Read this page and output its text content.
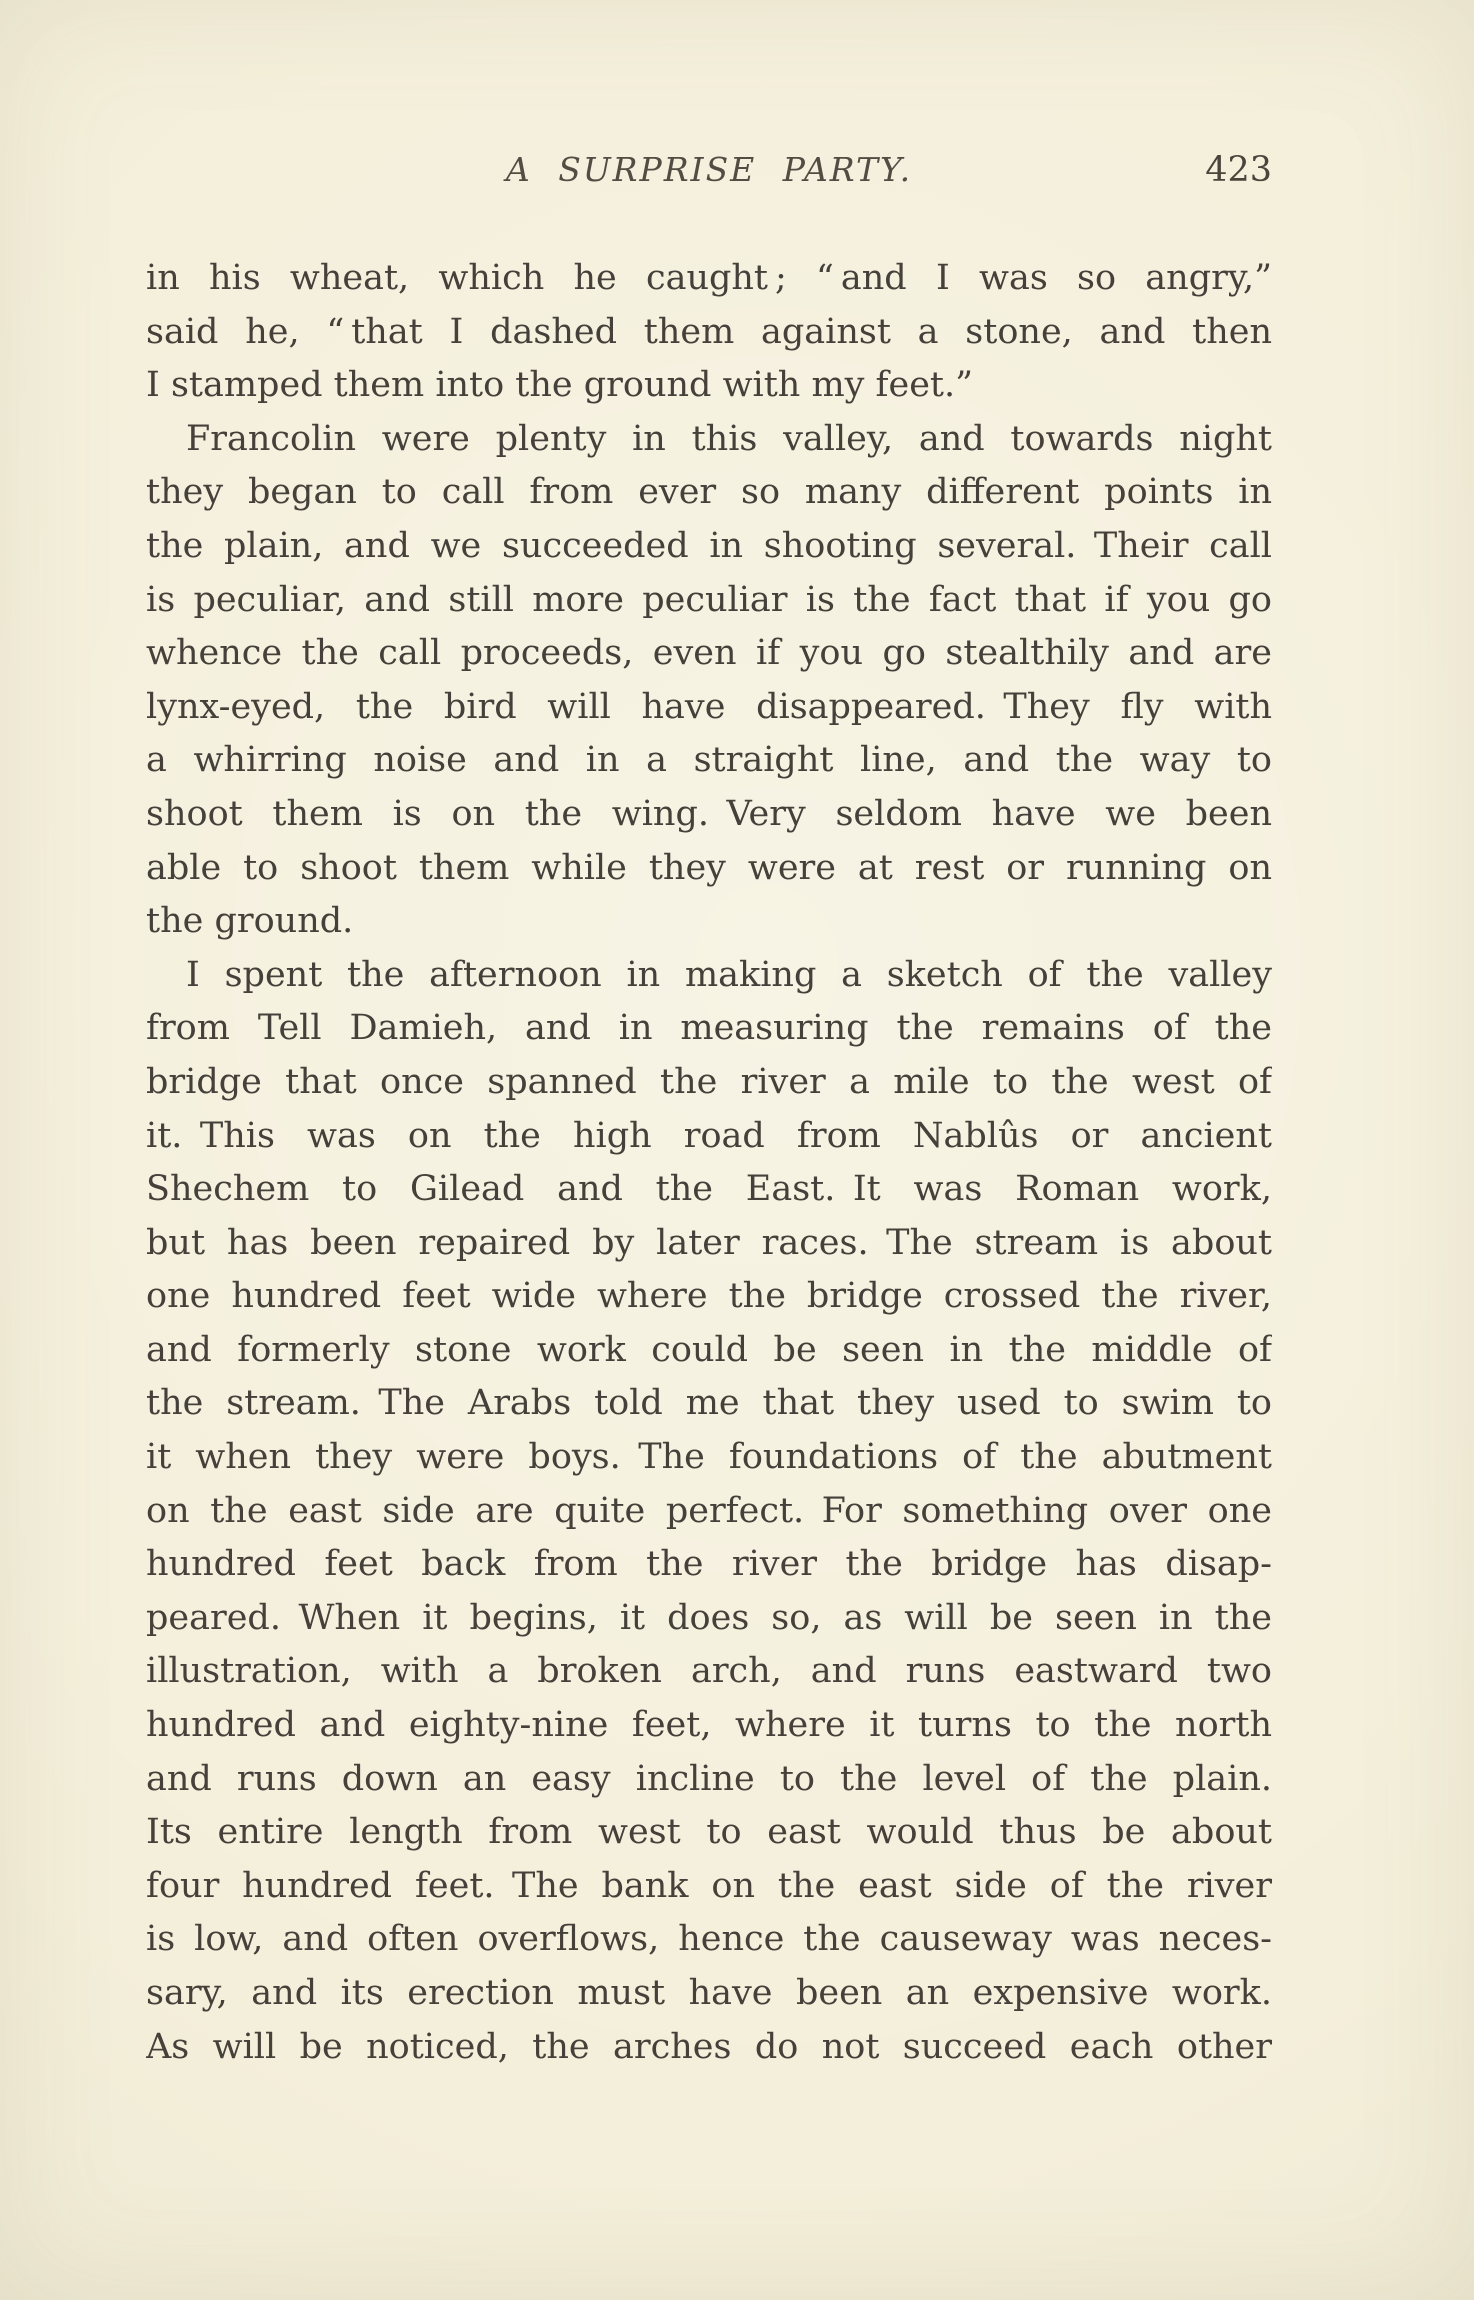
A SURPRISE PARTY.	423
in his wheat, which he caught ; “ and I was so angry,”
said he, “ that I dashed them against a stone, and then
I stamped them into the ground with my feet.”
Francolin were plenty in this valley, and towards night
they began to call from ever so many different points in
the plain, and we succeeded in shooting several. Their call
is peculiar, and still more peculiar is the fact that if you go
whence the call proceeds, even if you go stealthily and are
lynx-eyed, the bird will have disappeared. They fly with
a whirring noise and in a straight line, and the way to
shoot them is on the wing. Very seldom have we been
able to shoot them while they were at rest or running on
the ground.
I spent the afternoon in making a sketch of the valley
from Tell Damieh, and in measuring the remains of the
bridge that once spanned the river a mile to the west of
it. This was on the high road from Nablûs or ancient
Shechem to Gilead and the East. It was Roman work,
but has been repaired by later races. The stream is about
one hundred feet wide where the bridge crossed the river,
and formerly stone work could be seen in the middle of
the stream. The Arabs told me that they used to swim to
it when they were boys. The foundations of the abutment
on the east side are quite perfect. For something over one
hundred feet back from the river the bridge has disap-
peared. When it begins, it does so, as will be seen in the
illustration, with a broken arch, and runs eastward two
hundred and eighty-nine feet, where it turns to the north
and runs down an easy incline to the level of the plain.
Its entire length from west to east would thus be about
four hundred feet. The bank on the east side of the river
is low, and often overflows, hence the causeway was neces-
sary, and its erection must have been an expensive work.
As will be noticed, the arches do not succeed each other
